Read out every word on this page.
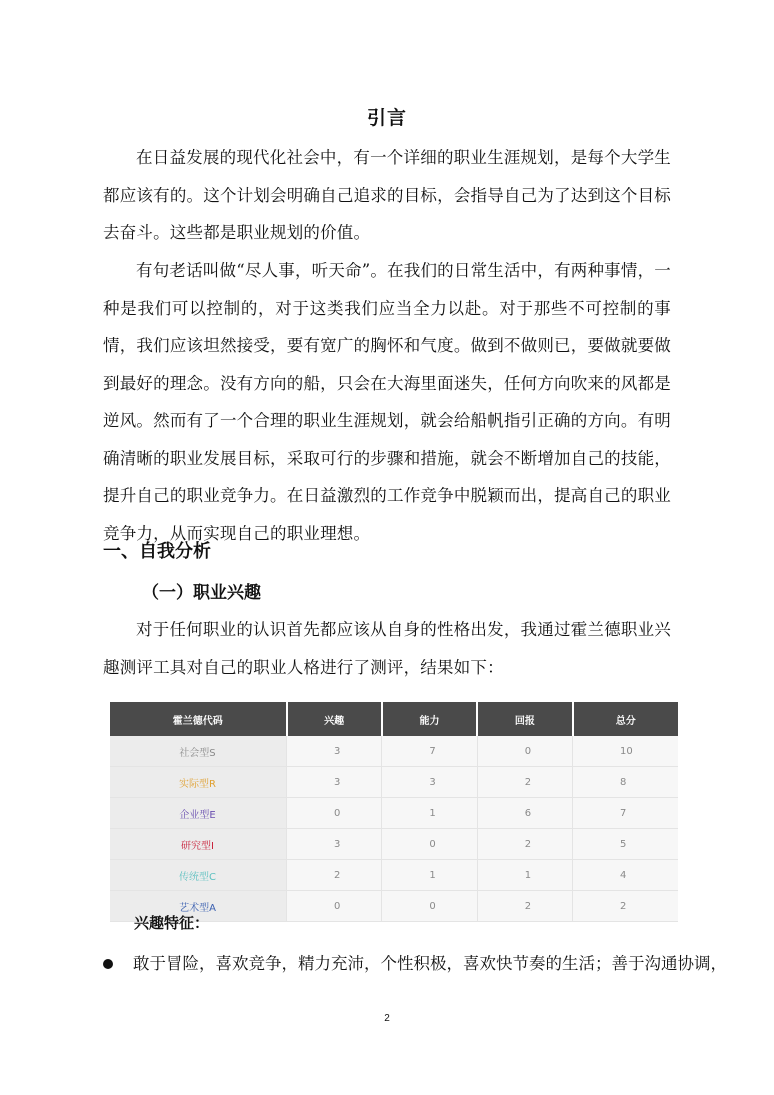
引言
在日益发展的现代化社会中，有一个详细的职业生涯规划，是每个大学生都应该有的。这个计划会明确自己追求的目标，会指导自己为了达到这个目标去奋斗。这些都是职业规划的价值。
有句老话叫做“尽人事，听天命”。在我们的日常生活中，有两种事情，一种是我们可以控制的，对于这类我们应当全力以赴。对于那些不可控制的事情，我们应该坦然接受，要有宽广的胸怀和气度。做到不做则已，要做就要做到最好的理念。没有方向的船，只会在大海里面迷失，任何方向吹来的风都是逆风。然而有了一个合理的职业生涯规划，就会给船帆指引正确的方向。有明确清晰的职业发展目标，采取可行的步骤和措施，就会不断增加自己的技能，提升自己的职业竞争力。在日益激烈的工作竞争中脱颖而出，提高自己的职业竞争力，从而实现自己的职业理想。
一、自我分析
（一）职业兴趣
对于任何职业的认识首先都应该从自身的性格出发，我通过霍兰德职业兴趣测评工具对自己的职业人格进行了测评，结果如下：
霍兰德代码	兴趣	能力	回报	总分
社会型S	3	7	0	10
实际型R	3	3	2	8
企业型E	0	1	6	7
研究型I	3	0	2	5
传统型C	2	1	1	4
艺术型A	0	0	2	2
兴趣特征：
敢于冒险，喜欢竞争，精力充沛，个性积极，喜欢快节奏的生活；善于沟通协调，
2
